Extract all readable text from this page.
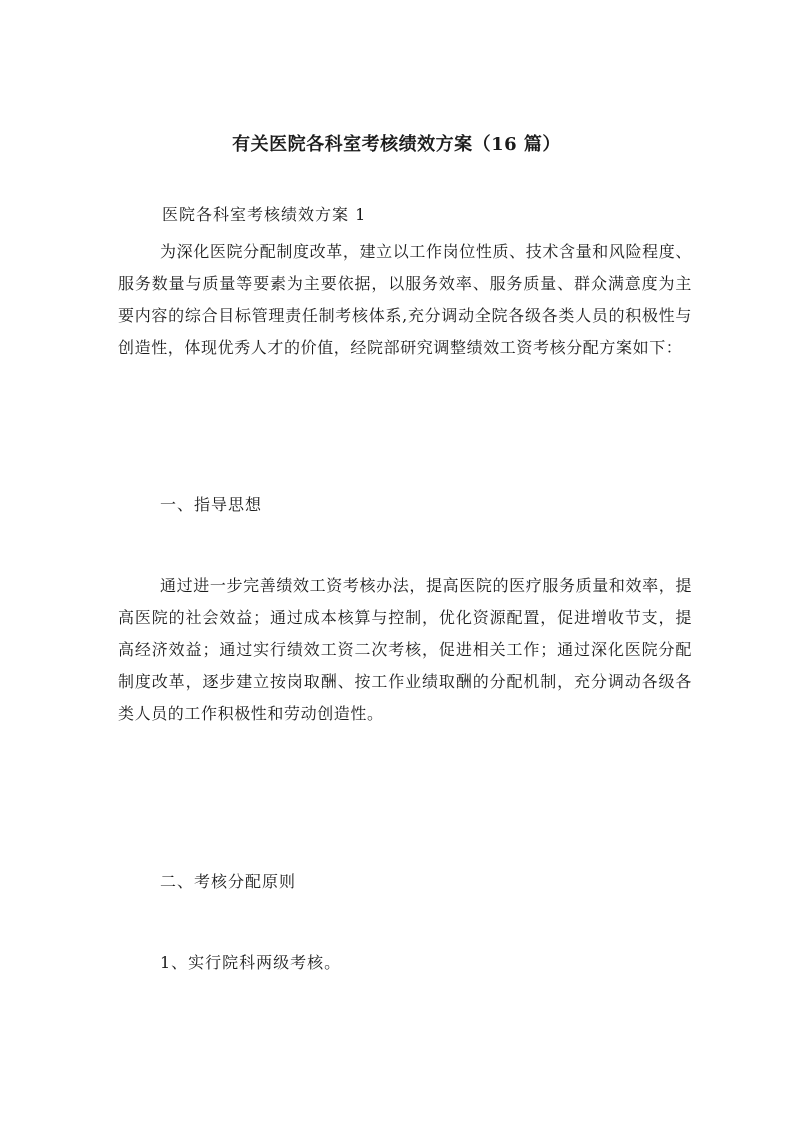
有关医院各科室考核绩效方案（16 篇）

医院各科室考核绩效方案 1

为深化医院分配制度改革，建立以工作岗位性质、技术含量和风险程度、服务数量与质量等要素为主要依据，以服务效率、服务质量、群众满意度为主要内容的综合目标管理责任制考核体系,充分调动全院各级各类人员的积极性与创造性，体现优秀人才的价值，经院部研究调整绩效工资考核分配方案如下：

一、指导思想

通过进一步完善绩效工资考核办法，提高医院的医疗服务质量和效率，提高医院的社会效益；通过成本核算与控制，优化资源配置，促进增收节支，提高经济效益；通过实行绩效工资二次考核，促进相关工作；通过深化医院分配制度改革，逐步建立按岗取酬、按工作业绩取酬的分配机制，充分调动各级各类人员的工作积极性和劳动创造性。

二、考核分配原则

1、实行院科两级考核。
